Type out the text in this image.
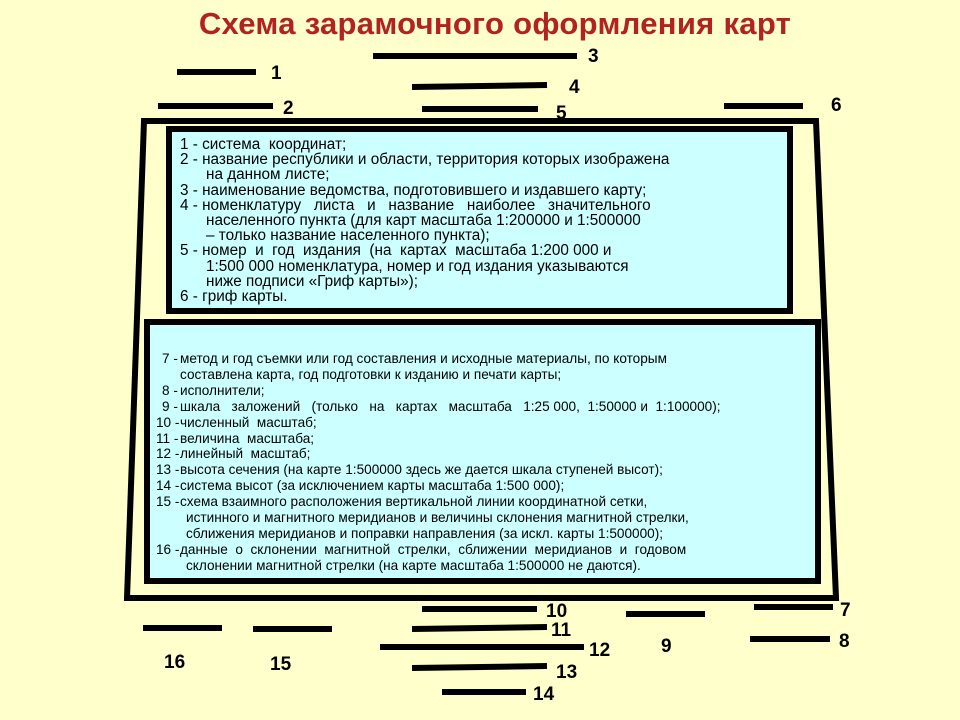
Схема зарамочного оформления карт
1
2
3
4
5	6
7
8
9
10
11
12
13
14
15
16
1 - система  координат;
2 - название республики и области, территория которых изображена
на данном листе;
3 - наименование ведомства, подготовившего и издавшего карту;
4 - номенклатуру   листа   и   название   наиболее   значительного
населенного пункта (для карт масштаба 1:200000 и 1:500000
– только название населенного пункта);
5 - номер  и  год  издания  (на  картах  масштаба 1:200 000 и
1:500 000 номенклатура, номер и год издания указываются
ниже подписи «Гриф карты»);
6 - гриф карты.
7 -
метод и год съемки или год составления и исходные материалы, по которым
составлена карта, год подготовки к изданию и печати карты;
8 -
исполнители;
9 -
шкала   заложений   (только   на   картах   масштаба   1:25 000,  1:50000 и  1:100000);
10 -
численный  масштаб;
11 -
величина  масштаба;
12 -
линейный  масштаб;
13 -
высота сечения (на карте 1:500000 здесь же дается шкала ступеней высот);
14 -
система высот (за исключением карты масштаба 1:500 000);
15 -
схема взаимного расположения вертикальной линии координатной сетки,
истинного и магнитного меридианов и величины склонения магнитной стрелки,
сближения меридианов и поправки направления (за искл. карты 1:500000);
16 -
данные  о  склонении  магнитной  стрелки,  сближении  меридианов  и  годовом
склонении магнитной стрелки (на карте масштаба 1:500000 не даются).
